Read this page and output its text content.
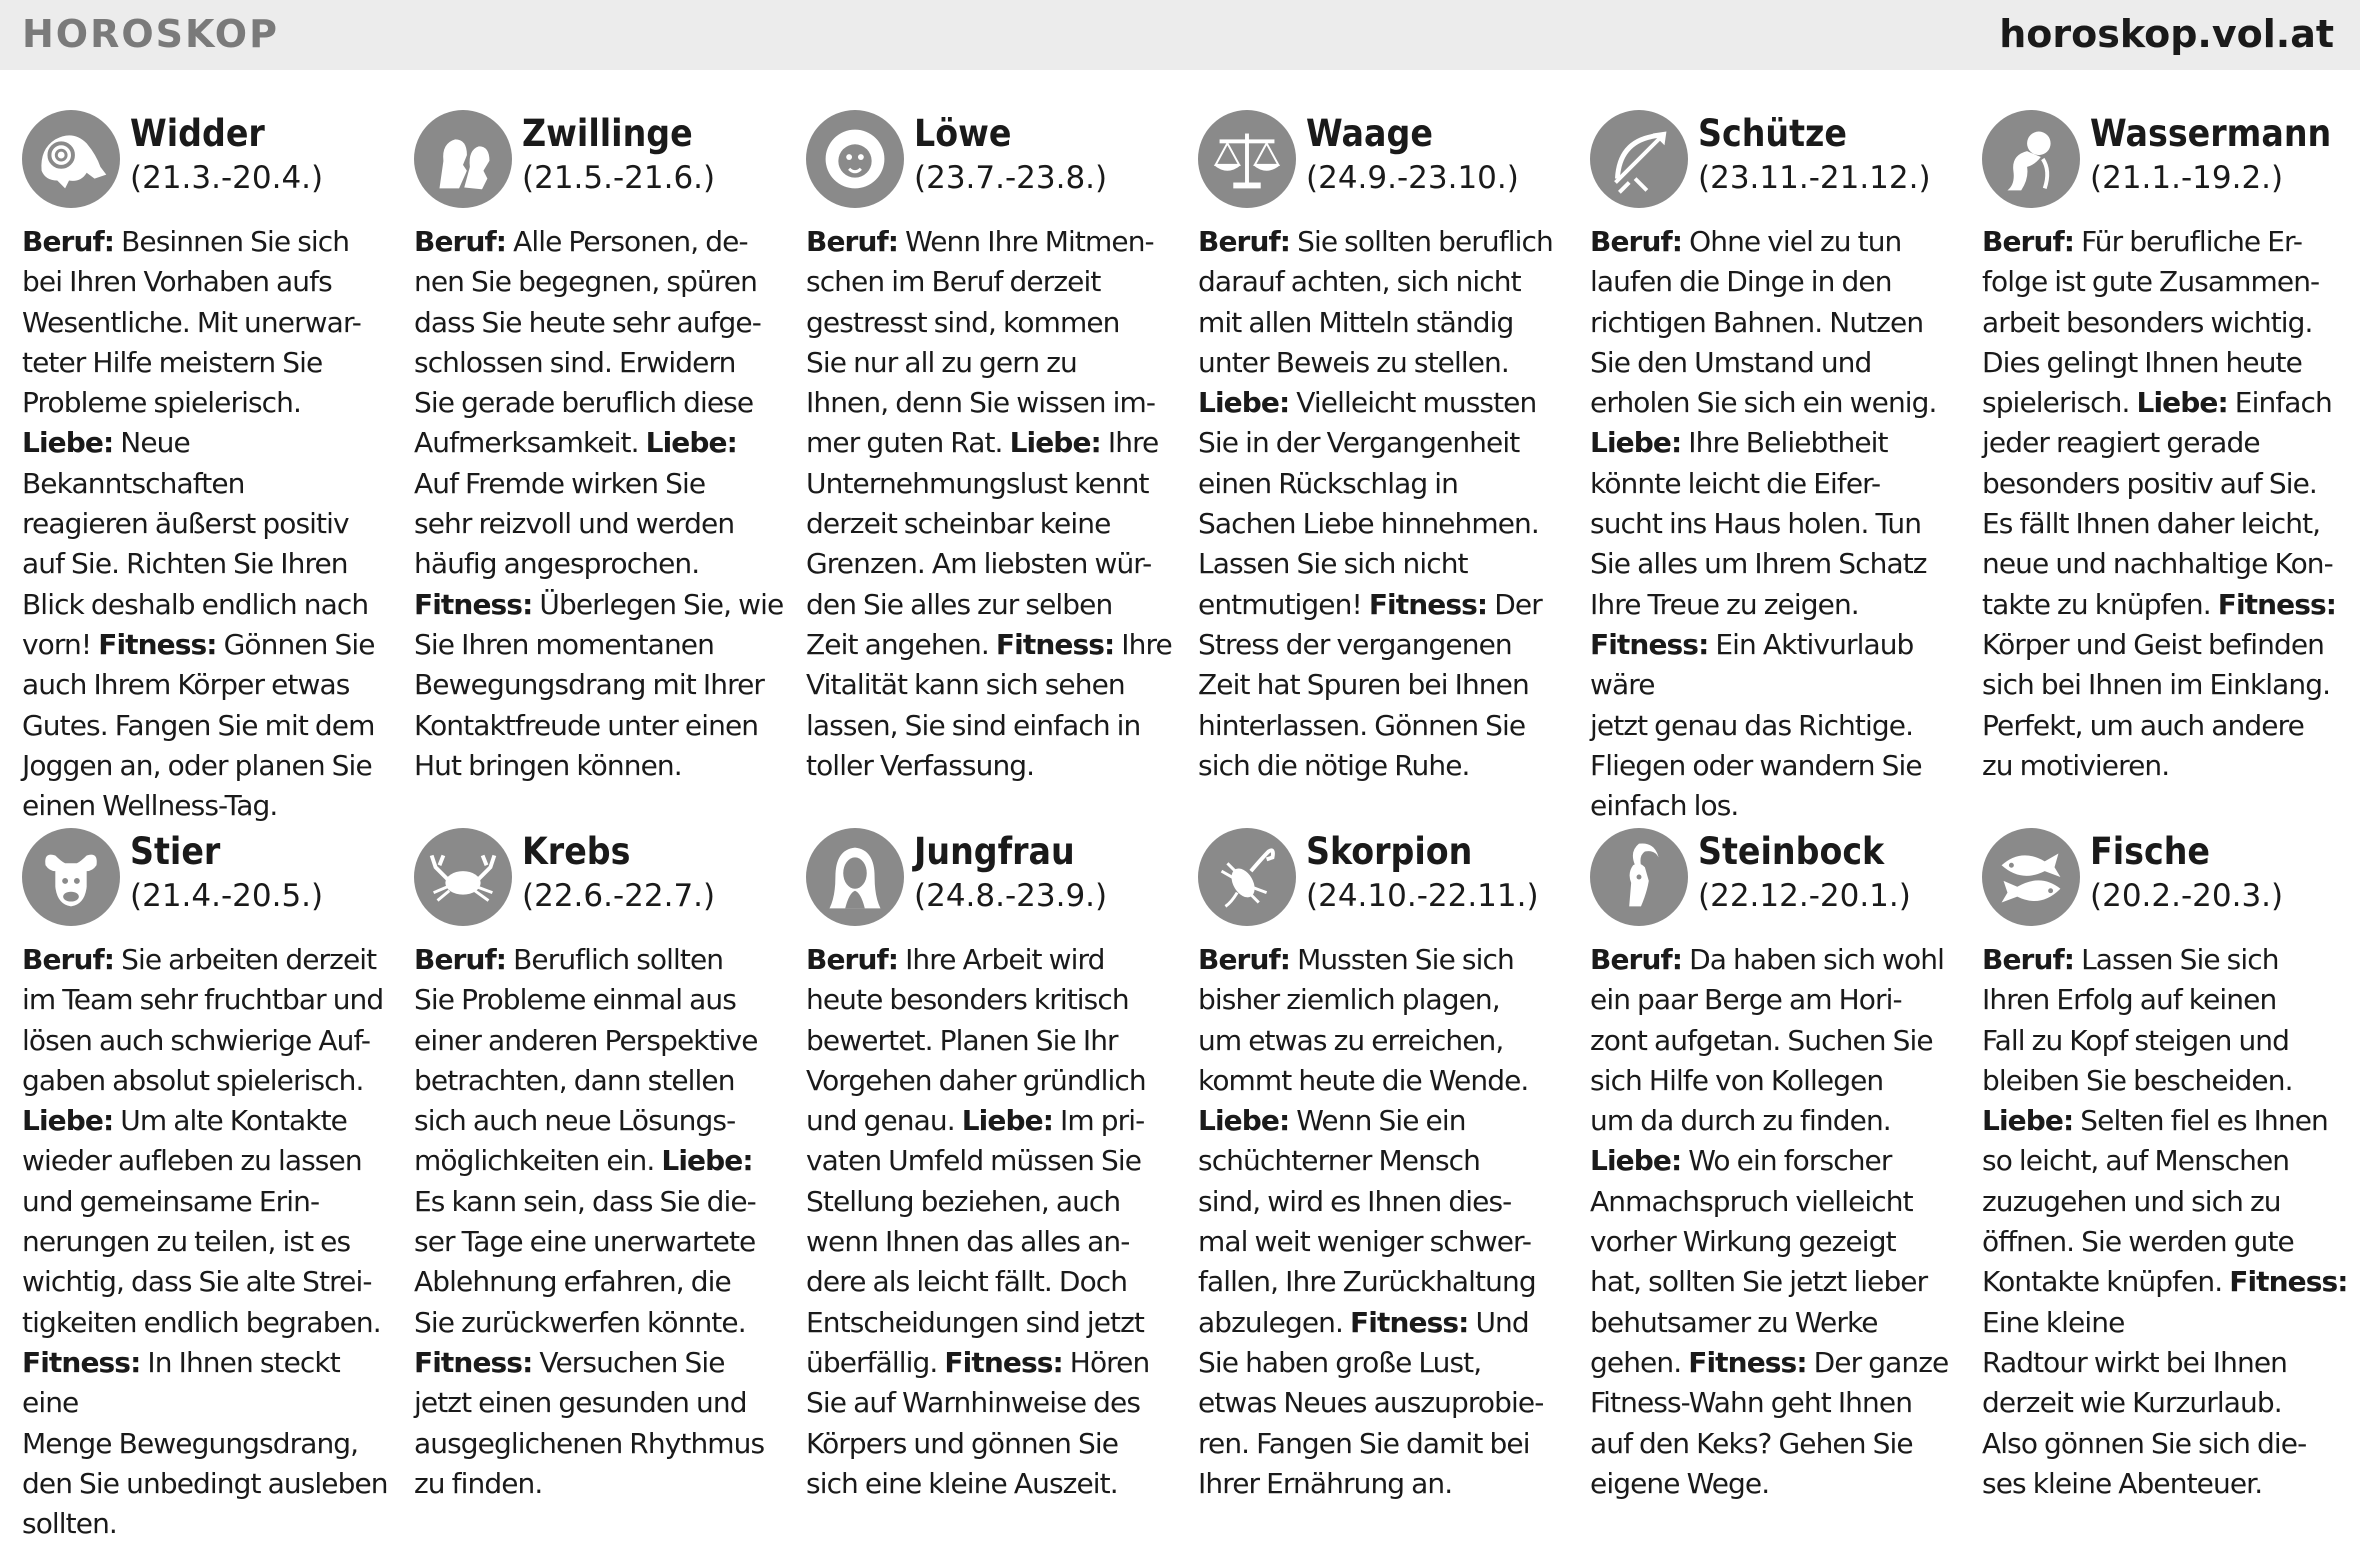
HOROSKOP	horoskop.vol.at
Widder
(21.3.-20.4.)
Beruf: Besinnen Sie sich
bei Ihren Vorhaben aufs
Wesentliche. Mit unerwar-
teter Hilfe meistern Sie
Probleme spielerisch. Liebe: Neue Bekanntschaften
reagieren äußerst positiv
auf Sie. Richten Sie Ihren
Blick deshalb endlich nach
vorn! Fitness: Gönnen Sie
auch Ihrem Körper etwas
Gutes. Fangen Sie mit dem
Joggen an, oder planen Sie
einen Wellness-Tag.
Zwillinge
(21.5.-21.6.)
Beruf: Alle Personen, de-
nen Sie begegnen, spüren
dass Sie heute sehr aufge-
schlossen sind. Erwidern
Sie gerade beruflich diese
Aufmerksamkeit. Liebe:
Auf Fremde wirken Sie
sehr reizvoll und werden
häufig angesprochen. Fitness: Überlegen Sie, wie
Sie Ihren momentanen
Bewegungsdrang mit Ihrer
Kontaktfreude unter einen
Hut bringen können.
Löwe
(23.7.-23.8.)
Beruf: Wenn Ihre Mitmen-
schen im Beruf derzeit
gestresst sind, kommen
Sie nur all zu gern zu
Ihnen, denn Sie wissen im-
mer guten Rat. Liebe: Ihre
Unternehmungslust kennt
derzeit scheinbar keine
Grenzen. Am liebsten wür-
den Sie alles zur selben
Zeit angehen. Fitness: Ihre
Vitalität kann sich sehen
lassen, Sie sind einfach in
toller Verfassung.
Waage
(24.9.-23.10.)
Beruf: Sie sollten beruflich
darauf achten, sich nicht
mit allen Mitteln ständig
unter Beweis zu stellen. Liebe: Vielleicht mussten
Sie in der Vergangenheit
einen Rückschlag in
Sachen Liebe hinnehmen.
Lassen Sie sich nicht
entmutigen! Fitness: Der
Stress der vergangenen
Zeit hat Spuren bei Ihnen
hinterlassen. Gönnen Sie
sich die nötige Ruhe.
Schütze
(23.11.-21.12.)
Beruf: Ohne viel zu tun
laufen die Dinge in den
richtigen Bahnen. Nutzen
Sie den Umstand und
erholen Sie sich ein wenig. Liebe: Ihre Beliebtheit
könnte leicht die Eifer-
sucht ins Haus holen. Tun
Sie alles um Ihrem Schatz
Ihre Treue zu zeigen. Fitness: Ein Aktivurlaub wäre
jetzt genau das Richtige.
Fliegen oder wandern Sie
einfach los.
Wassermann
(21.1.-19.2.)
Beruf: Für berufliche Er-
folge ist gute Zusammen-
arbeit besonders wichtig.
Dies gelingt Ihnen heute
spielerisch. Liebe: Einfach
jeder reagiert gerade
besonders positiv auf Sie.
Es fällt Ihnen daher leicht,
neue und nachhaltige Kon-
takte zu knüpfen. Fitness:
Körper und Geist befinden
sich bei Ihnen im Einklang.
Perfekt, um auch andere
zu motivieren.
Stier
(21.4.-20.5.)
Beruf: Sie arbeiten derzeit
im Team sehr fruchtbar und
lösen auch schwierige Auf-
gaben absolut spielerisch. Liebe: Um alte Kontakte
wieder aufleben zu lassen
und gemeinsame Erin-
nerungen zu teilen, ist es
wichtig, dass Sie alte Strei-
tigkeiten endlich begraben. Fitness: In Ihnen steckt eine
Menge Bewegungsdrang,
den Sie unbedingt ausleben
sollten.
Krebs
(22.6.-22.7.)
Beruf: Beruflich sollten
Sie Probleme einmal aus
einer anderen Perspektive
betrachten, dann stellen
sich auch neue Lösungs-
möglichkeiten ein. Liebe:
Es kann sein, dass Sie die-
ser Tage eine unerwartete
Ablehnung erfahren, die
Sie zurückwerfen könnte. Fitness: Versuchen Sie
jetzt einen gesunden und
ausgeglichenen Rhythmus
zu finden.
Jungfrau
(24.8.-23.9.)
Beruf: Ihre Arbeit wird
heute besonders kritisch
bewertet. Planen Sie Ihr
Vorgehen daher gründlich
und genau. Liebe: Im pri-
vaten Umfeld müssen Sie
Stellung beziehen, auch
wenn Ihnen das alles an-
dere als leicht fällt. Doch
Entscheidungen sind jetzt
überfällig. Fitness: Hören
Sie auf Warnhinweise des
Körpers und gönnen Sie
sich eine kleine Auszeit.
Skorpion
(24.10.-22.11.)
Beruf: Mussten Sie sich
bisher ziemlich plagen,
um etwas zu erreichen,
kommt heute die Wende. Liebe: Wenn Sie ein
schüchterner Mensch
sind, wird es Ihnen dies-
mal weit weniger schwer-
fallen, Ihre Zurückhaltung
abzulegen. Fitness: Und
Sie haben große Lust,
etwas Neues auszuprobie-
ren. Fangen Sie damit bei
Ihrer Ernährung an.
Steinbock
(22.12.-20.1.)
Beruf: Da haben sich wohl
ein paar Berge am Hori-
zont aufgetan. Suchen Sie
sich Hilfe von Kollegen
um da durch zu finden. Liebe: Wo ein forscher
Anmachspruch vielleicht
vorher Wirkung gezeigt
hat, sollten Sie jetzt lieber
behutsamer zu Werke
gehen. Fitness: Der ganze
Fitness-Wahn geht Ihnen
auf den Keks? Gehen Sie
eigene Wege.
Fische
(20.2.-20.3.)
Beruf: Lassen Sie sich
Ihren Erfolg auf keinen
Fall zu Kopf steigen und
bleiben Sie bescheiden. Liebe: Selten fiel es Ihnen
so leicht, auf Menschen
zuzugehen und sich zu
öffnen. Sie werden gute
Kontakte knüpfen. Fitness: Eine kleine
Radtour wirkt bei Ihnen
derzeit wie Kurzurlaub.
Also gönnen Sie sich die-
ses kleine Abenteuer.
